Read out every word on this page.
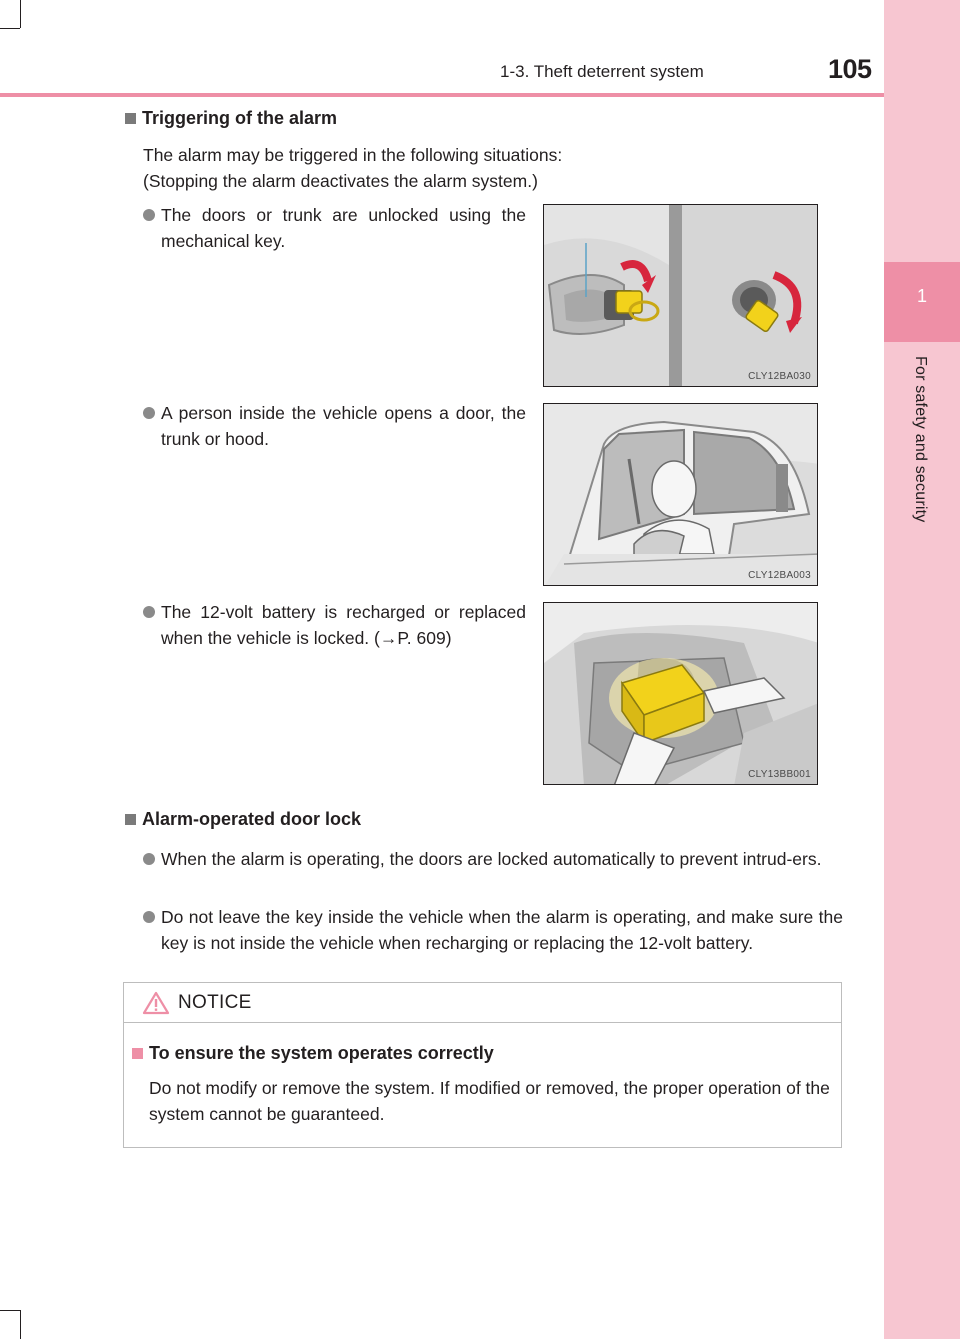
1
For safety and security
1-3. Theft deterrent system	105
Triggering of the alarm
The alarm may be triggered in the following situations:
(Stopping the alarm deactivates the alarm system.)
The doors or trunk are unlocked using the mechanical key.
A person inside the vehicle opens a door, the trunk or hood.
The 12-volt battery is recharged or replaced when the vehicle is locked. (→P. 609)
CLY12BA030
CLY12BA003
CLY13BB001
Alarm-operated door lock
When the alarm is operating, the doors are locked automatically to prevent intrud-ers.
Do not leave the key inside the vehicle when the alarm is operating, and make sure the key is not inside the vehicle when recharging or replacing the 12-volt battery.
NOTICE
To ensure the system operates correctly
Do not modify or remove the system. If modified or removed, the proper operation of the system cannot be guaranteed.
